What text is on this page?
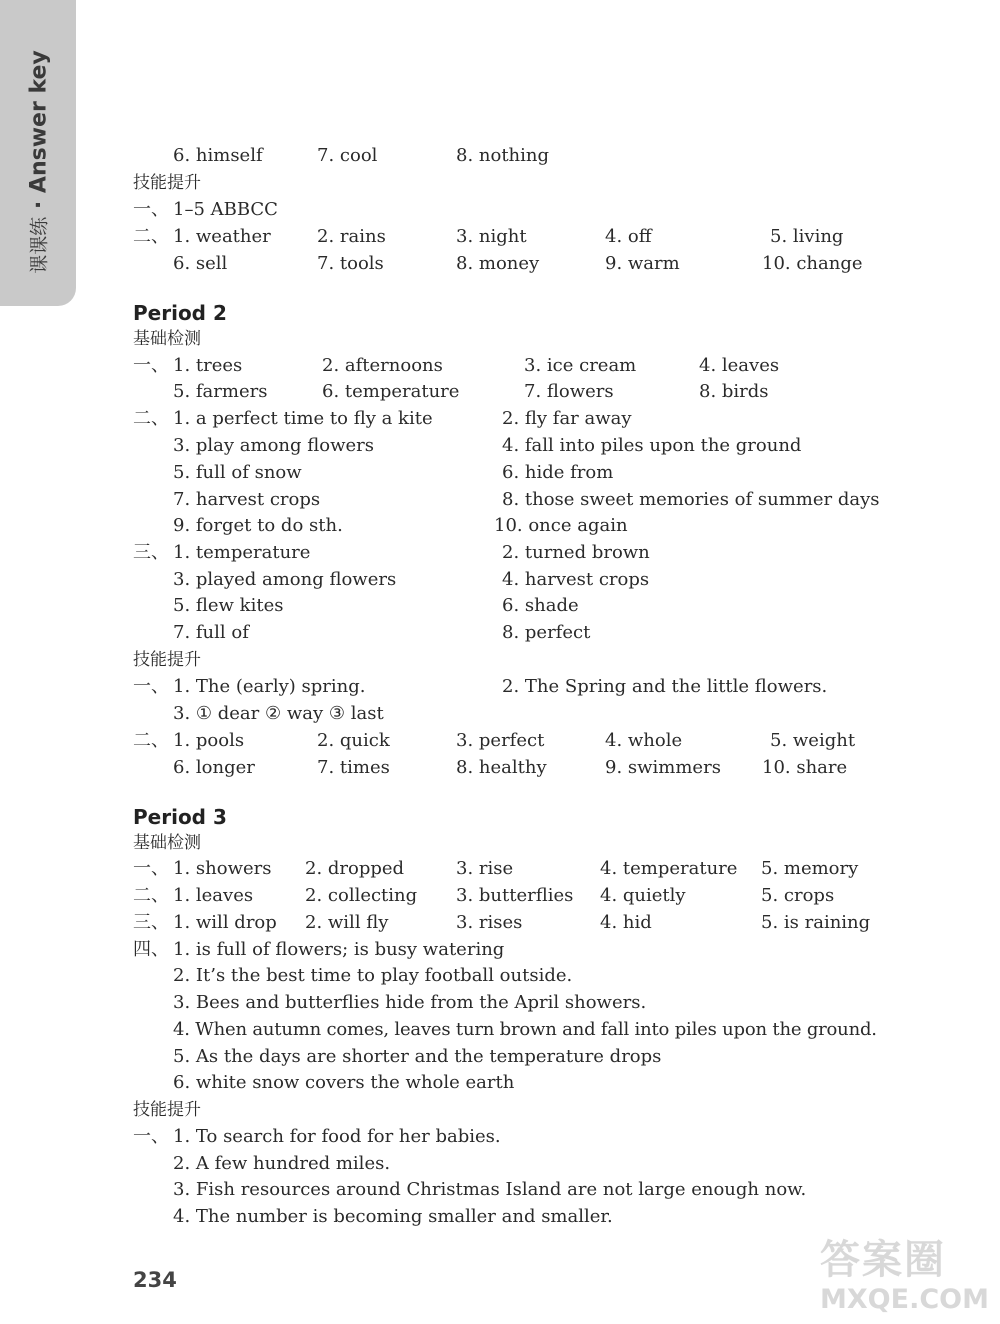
课课练 · Answer key	6. himself	7. cool	8. nothing
技能提升
一、 1–5 ABBCC
二、 1. weather	2. rains	3. night	4. off	5. living
6. sell	7. tools	8. money	9. warm	10. change
Period 2
基础检测
一、 1. trees	2. afternoons	3. ice cream	4. leaves
5. farmers	6. temperature	7. flowers	8. birds
二、 1. a perfect time to fly a kite	2. fly far away
3. play among flowers	4. fall into piles upon the ground
5. full of snow	6. hide from
7. harvest crops	8. those sweet memories of summer days
9. forget to do sth.	10. once again
三、 1. temperature	2. turned brown
3. played among flowers	4. harvest crops
5. flew kites	6. shade
7. full of	8. perfect
技能提升
一、 1. The (early) spring.	2. The Spring and the little flowers.
3. ① dear ② way ③ last
二、 1. pools	2. quick	3. perfect	4. whole	5. weight
6. longer	7. times	8. healthy	9. swimmers 10. share
Period 3
基础检测
一、 1. showers 2. dropped	3. rise	4. temperature 5. memory
二、 1. leaves	2. collecting 3. butterflies 4. quietly	5. crops
三、 1. will drop 2. will fly	3. rises	4. hid	5. is raining
四、 1. is full of flowers; is busy watering
2. It’s the best time to play football outside.
3. Bees and butterflies hide from the April showers.
4. When autumn comes, leaves turn brown and fall into piles upon the ground.
5. As the days are shorter and the temperature drops
6. white snow covers the whole earth
技能提升
一、 1. To search for food for her babies.
2. A few hundred miles.
3. Fish resources around Christmas Island are not large enough now.
4. The number is becoming smaller and smaller.
234	答案圈
MXQE.COM
